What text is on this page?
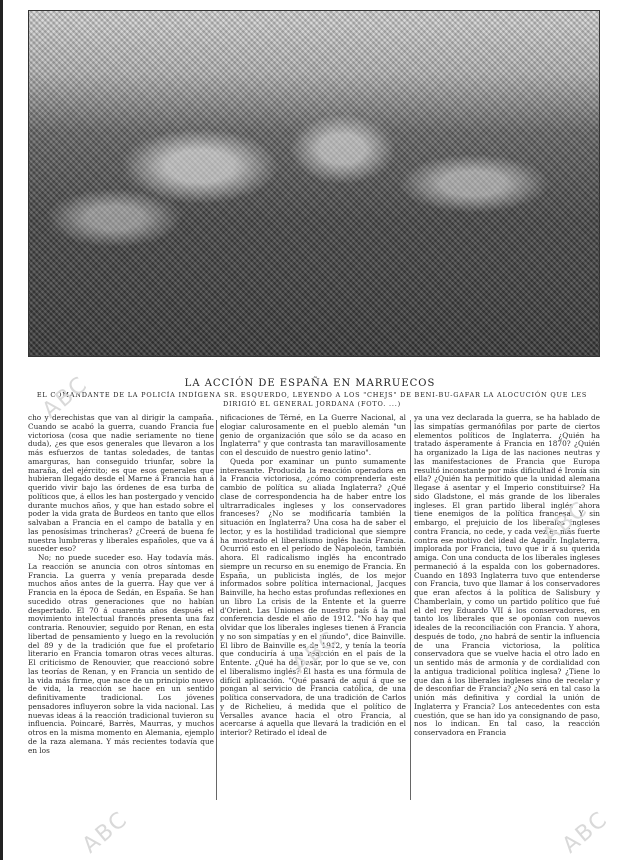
LA ACCIÓN DE ESPAÑA EN MARRUECOS
EL COMANDANTE DE LA POLICÍA INDÍGENA SR. ESQUERDO, LEYENDO A LOS "CHEJS" DE BENI-BU-GAFAR LA ALOCUCIÓN QUE LES DIRIGIÓ EL GENERAL JORDANA (FOTO. ...)

cho y derechistas que van al dirigir la campaña. Cuando se acabó la guerra, cuando Francia fue victoriosa (cosa que nadie seriamente no tiene duda), ¿es que esos generales que llevaron a los más esfuerzos de tantas soledades, de tantas amarguras, han conseguido triunfar, sobre la maraña, del ejército; es que esos generales que hubieran llegado desde el Marne á Francia han á querido vivir bajo las órdenes de esa turba de políticos que, á ellos les han postergado y vencido durante muchos años, y que han estado sobre el poder la vida grata de Burdeos en tanto que ellos salvaban a Francia en el campo de batalla y en las penosísimas trincheras? ¿Creerá de buena fe nuestra lumbreras y liberales españoles, que va á suceder eso?

No; no puede suceder eso. Hay todavía más. La reacción se anuncia con otros síntomas en Francia. La guerra y venía preparada desde muchos años antes de la guerra. Hay que ver á Francia en la época de Sedán, en España. Se han sucedido otras generaciones que no habían despertado. El 70 á cuarenta años después el movimiento intelectual francés presenta una faz contraria. Renouvier, seguido por Renan, en esta libertad de pensamiento y luego en la revolución del 89 y de la tradición que fue el profetario literario en Francia tomaron otras veces alturas. El criticismo de Renouvier, que reaccionó sobre las teorías de Renan, y en Francia un sentido de la vida más firme, que nace de un principio nuevo de vida, la reacción se hace en un sentido definitivamente tradicional. Los jóvenes pensadores influyeron sobre la vida nacional. Las nuevas ideas á la reacción tradicional tuvieron su influencia. Poincaré, Barrès, Maurras, y muchos otros en la misma momento en Alemania, ejemplo de la raza alemana. Y más recientes todavía que en los

nificaciones de Térné, en La Guerre Nacional, al elogiar calurosamente en el pueblo alemán "un genio de organización que sólo se da acaso en Inglaterra" y que contrasta tan maravillosamente con el descuido de nuestro genio latino".

Queda por examinar un punto sumamente interesante. Producida la reacción operadora en la Francia victoriosa, ¿cómo comprendería este cambio de política su aliada Inglaterra? ¿Qué clase de correspondencia ha de haber entre los ultrarradicales ingleses y los conservadores franceses? ¿No se modificaría también la situación en Inglaterra? Una cosa ha de saber el lector, y es la hostilidad tradicional que siempre ha mostrado el liberalismo inglés hacia Francia. Ocurrió esto en el período de Napoleón, también ahora. El radicalismo inglés ha encontrado siempre un recurso en su enemigo de Francia. En España, un publicista inglés, de los mejor informados sobre política internacional, Jacques Bainville, ha hecho estas profundas reflexiones en un libro La crisis de la Entente et la guerre d'Orient. Las Uniones de nuestro país á la mal conferencia desde el año de 1912. "No hay que olvidar que los liberales ingleses tienen á Francia y no son simpatías y en el mundo", dice Bainville. El libro de Bainville es de 1912, y tenía la teoría que conduciría á una reacción en el país de la Entente. ¿Qué ha de pasar, por lo que se ve, con el liberalismo inglés? Él hasta es una fórmula de difícil aplicación. "Qué pasará de aquí á que se pongan al servicio de Francia católica, de una política conservadora, de una tradición de Carlos y de Richelieu, á medida que el político de Versalles avance hacia el otro Francia, al acercarse á aquella que llevará la tradición en el interior? Retirado el ideal de

ya una vez declarada la guerra, se ha hablado de las simpatías germanófilas por parte de ciertos elementos políticos de Inglaterra. ¿Quién ha tratado ásperamente á Francia en 1870? ¿Quién ha organizado la Liga de las naciones neutras y las manifestaciones de Francia que Europa resultó inconstante por más dificultad é Ironía sin ella? ¿Quién ha permitido que la unidad alemana llegase á asentar y el Imperio constituirse? Ha sido Gladstone, el más grande de los liberales ingleses. El gran partido liberal inglés ahora tiene enemigos de la política francesa. Y sin embargo, el prejuicio de los liberales ingleses contra Francia, no cede, y cada vez es más fuerte contra ese motivo del ideal de Agadir. Inglaterra, implorada por Francia, tuvo que ir á su querida amiga. Con una conducta de los liberales ingleses permaneció á la espalda con los gobernadores. Cuando en 1893 Inglaterra tuvo que entenderse con Francia, tuvo que llamar á los conservadores que eran afectos á la política de Salisbury y Chamberlain, y como un partido político que fué el del rey Eduardo VII á los conservadores, en tanto los liberales que se oponían con nuevos ideales de la reconciliación con Francia. Y ahora, después de todo, ¿no habrá de sentir la influencia de una Francia victoriosa, la política conservadora que se vuelve hacia el otro lado en un sentido más de armonía y de cordialidad con la antigua tradicional política inglesa? ¿Tiene lo que dan á los liberales ingleses sino de recelar y de desconfiar de Francia? ¿No será en tal caso la unión más definitiva y cordial la unión de Inglaterra y Francia? Los antecedentes con esta cuestión, que se han ido ya consignando de paso, nos lo indican. En tal caso, la reacción conservadora en Francia

ABC
ABC
ABC
ABC	ABC
